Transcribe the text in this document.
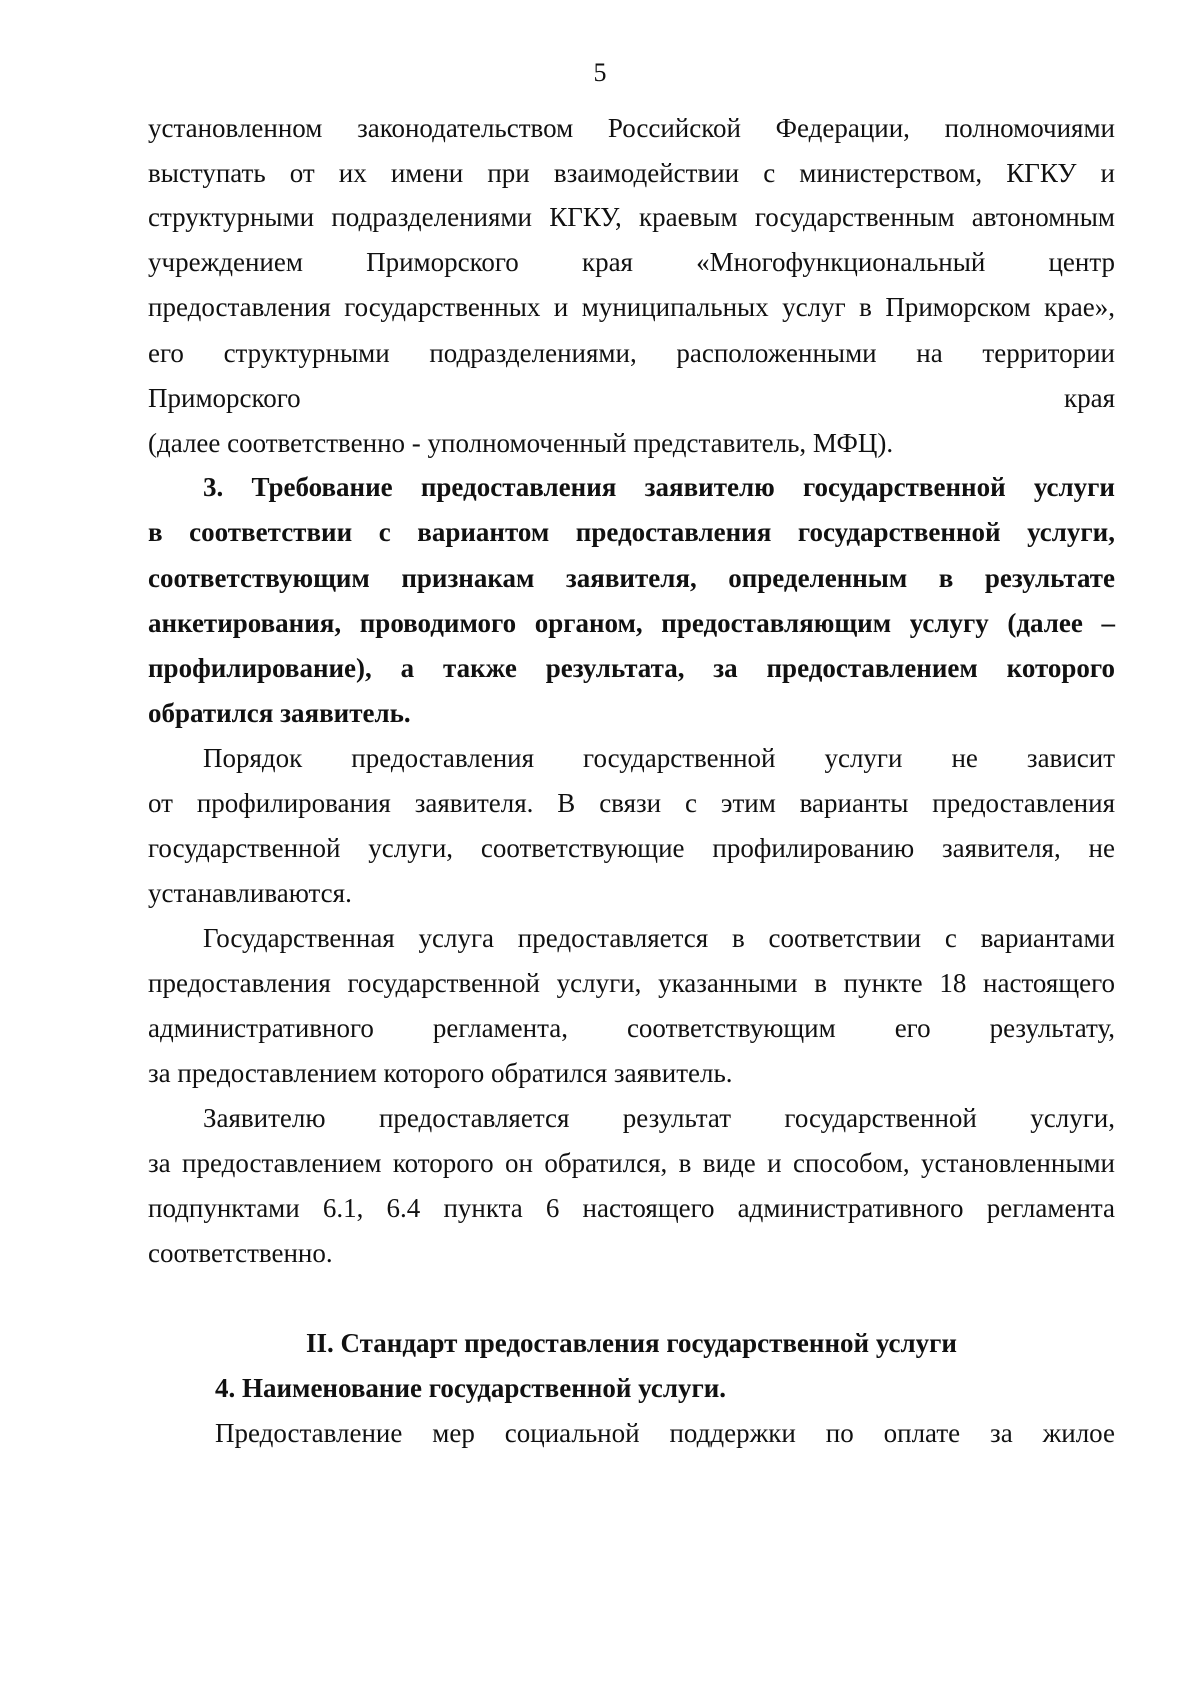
5
установленном законодательством Российской Федерации, полномочиями
выступать от их имени при взаимодействии с министерством, КГКУ и
структурными подразделениями КГКУ, краевым государственным автономным
учреждением Приморского края «Многофункциональный центр
предоставления государственных и муниципальных услуг в Приморском крае»,
его структурными подразделениями, расположенными на территории
Приморского края
(далее соответственно - уполномоченный представитель, МФЦ).
3. Требование предоставления заявителю государственной услуги
в соответствии с вариантом предоставления государственной услуги,
соответствующим признакам заявителя, определенным в результате
анкетирования, проводимого органом, предоставляющим услугу (далее –
профилирование), а также результата, за предоставлением которого
обратился заявитель.
Порядок предоставления государственной услуги не зависит
от профилирования заявителя. В связи с этим варианты предоставления
государственной услуги, соответствующие профилированию заявителя, не
устанавливаются.
Государственная услуга предоставляется в соответствии с вариантами
предоставления государственной услуги, указанными в пункте 18 настоящего
административного регламента, соответствующим его результату,
за предоставлением которого обратился заявитель.
Заявителю предоставляется результат государственной услуги,
за предоставлением которого он обратился, в виде и способом, установленными
подпунктами 6.1, 6.4 пункта 6 настоящего административного регламента
соответственно.
II. Стандарт предоставления государственной услуги
4. Наименование государственной услуги.
Предоставление мер социальной поддержки по оплате за жилое
